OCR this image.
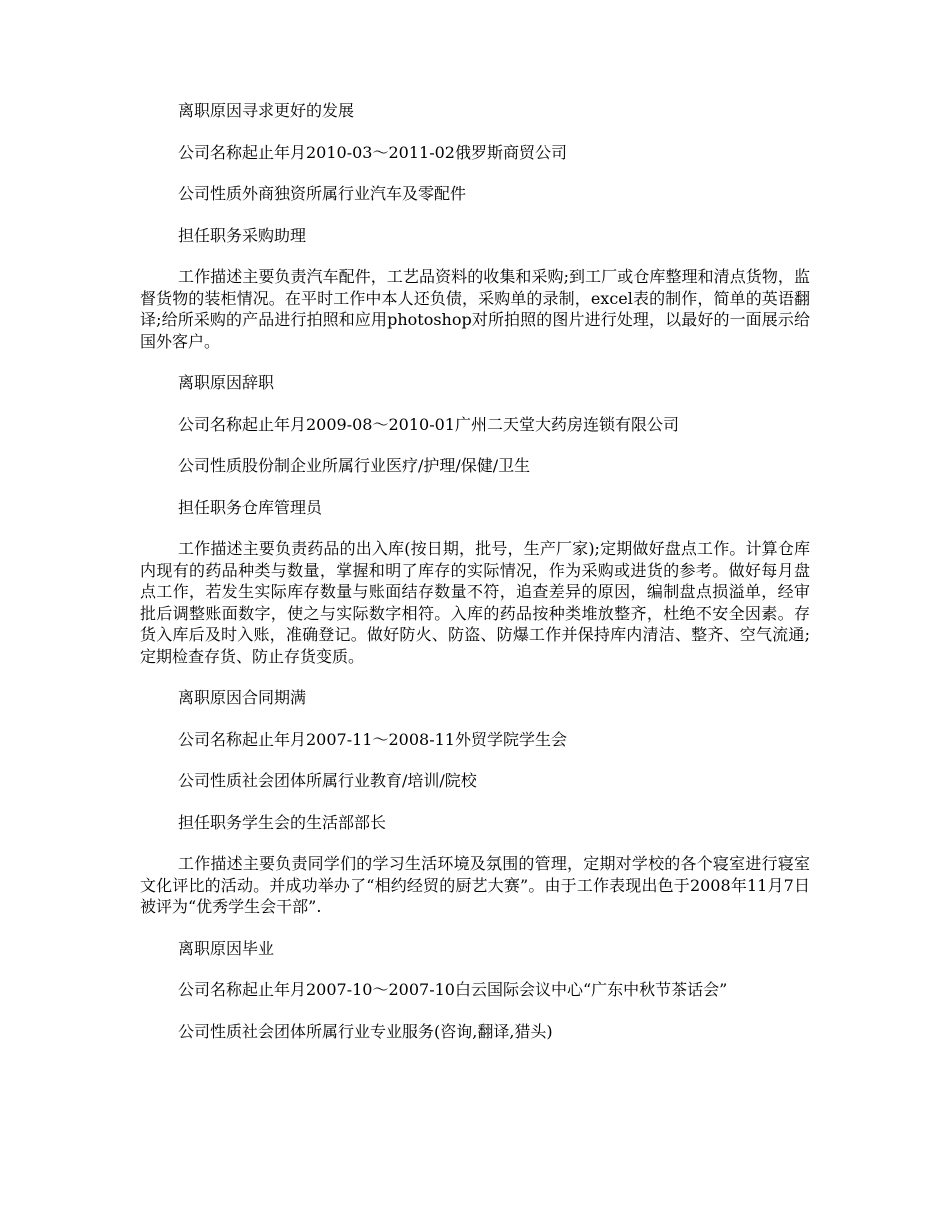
离职原因寻求更好的发展

公司名称起止年月2010-03～2011-02俄罗斯商贸公司

公司性质外商独资所属行业汽车及零配件

担任职务采购助理

工作描述主要负责汽车配件，工艺品资料的收集和采购;到工厂或仓库整理和清点货物，监督货物的装柜情况。在平时工作中本人还负债，采购单的录制，excel表的制作，简单的英语翻译;给所采购的产品进行拍照和应用photoshop对所拍照的图片进行处理，以最好的一面展示给国外客户。

离职原因辞职

公司名称起止年月2009-08～2010-01广州二天堂大药房连锁有限公司

公司性质股份制企业所属行业医疗/护理/保健/卫生

担任职务仓库管理员

工作描述主要负责药品的出入库(按日期，批号，生产厂家);定期做好盘点工作。计算仓库内现有的药品种类与数量，掌握和明了库存的实际情况，作为采购或进货的参考。做好每月盘点工作，若发生实际库存数量与账面结存数量不符，追查差异的原因，编制盘点损溢单，经审批后调整账面数字，使之与实际数字相符。入库的药品按种类堆放整齐，杜绝不安全因素。存货入库后及时入账，准确登记。做好防火、防盗、防爆工作并保持库内清洁、整齐、空气流通;定期检查存货、防止存货变质。

离职原因合同期满

公司名称起止年月2007-11～2008-11外贸学院学生会

公司性质社会团体所属行业教育/培训/院校

担任职务学生会的生活部部长

工作描述主要负责同学们的学习生活环境及氛围的管理，定期对学校的各个寝室进行寝室文化评比的活动。并成功举办了“相约经贸的厨艺大赛”。由于工作表现出色于2008年11月7日被评为“优秀学生会干部”.

离职原因毕业

公司名称起止年月2007-10～2007-10白云国际会议中心“广东中秋节茶话会”

公司性质社会团体所属行业专业服务(咨询,翻译,猎头)
